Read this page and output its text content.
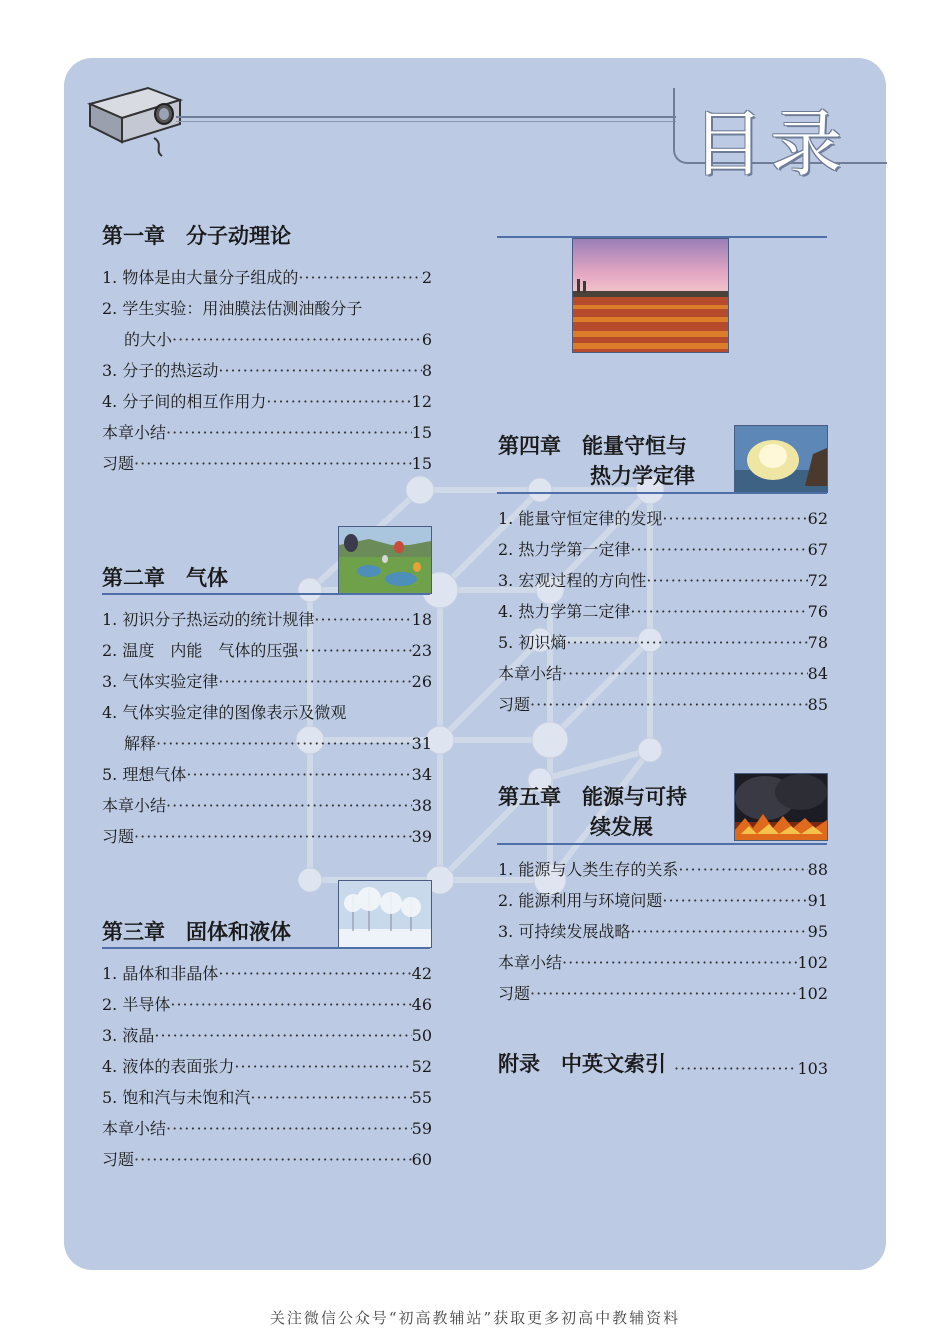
目录
第一章　分子动理论
1. 物体是由大量分子组成的 ·····	2
2. 学生实验：用油膜法估测油酸分子
的大小 ·····	6
3. 分子的热运动 ·····	8
4. 分子间的相互作用力 ·····	12
本章小结 ·····	15
习题 ·····	15
第二章　气体
1. 初识分子热运动的统计规律 ·····	18
2. 温度　内能　气体的压强 ·····	23
3. 气体实验定律 ·····	26
4. 气体实验定律的图像表示及微观
解释 ·····	31
5. 理想气体 ·····	34
本章小结 ·····	38
习题 ·····	39
第三章　固体和液体
1. 晶体和非晶体 ·····	42
2. 半导体 ·····	46
3. 液晶 ·····	50
4. 液体的表面张力 ·····	52
5. 饱和汽与未饱和汽 ·····	55
本章小结 ·····	59
习题 ·····	60
第四章　能量守恒与
热力学定律
1. 能量守恒定律的发现 ·····	62
2. 热力学第一定律 ·····	67
3. 宏观过程的方向性 ·····	72
4. 热力学第二定律 ·····	76
5. 初识熵 ·····	78
本章小结 ·····	84
习题 ·····	85
第五章　能源与可持
续发展
1. 能源与人类生存的关系 ·····	88
2. 能源利用与环境问题 ·····	91
3. 可持续发展战略 ·····	95
本章小结 ·····	102
习题 ·····	102
附录　中英文索引 ·····	103
关注微信公众号“初高教辅站”获取更多初高中教辅资料
